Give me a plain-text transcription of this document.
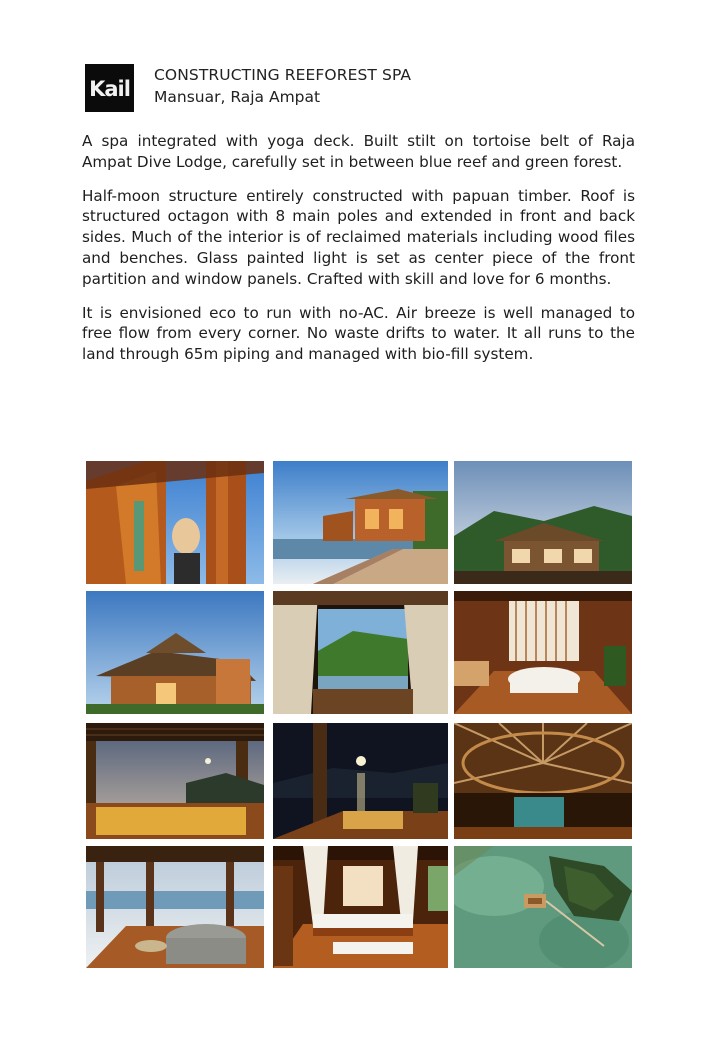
Kail
CONSTRUCTING REEFOREST SPA
Mansuar, Raja Ampat

A spa integrated with yoga deck. Built stilt on tortoise belt of Raja Ampat Dive Lodge, carefully set in between blue reef and green forest.

Half-moon structure entirely constructed with papuan timber. Roof is structured octagon with 8 main poles and extended in front and back sides. Much of the interior is of reclaimed materials including wood files and benches. Glass painted light is set as center piece of the front partition and window panels. Crafted with skill and love for 6 months.

It is envisioned eco to run with no-AC. Air breeze is well managed to free flow from every corner. No waste drifts to water. It all runs to the land through 65m piping and managed with bio-fill system.
